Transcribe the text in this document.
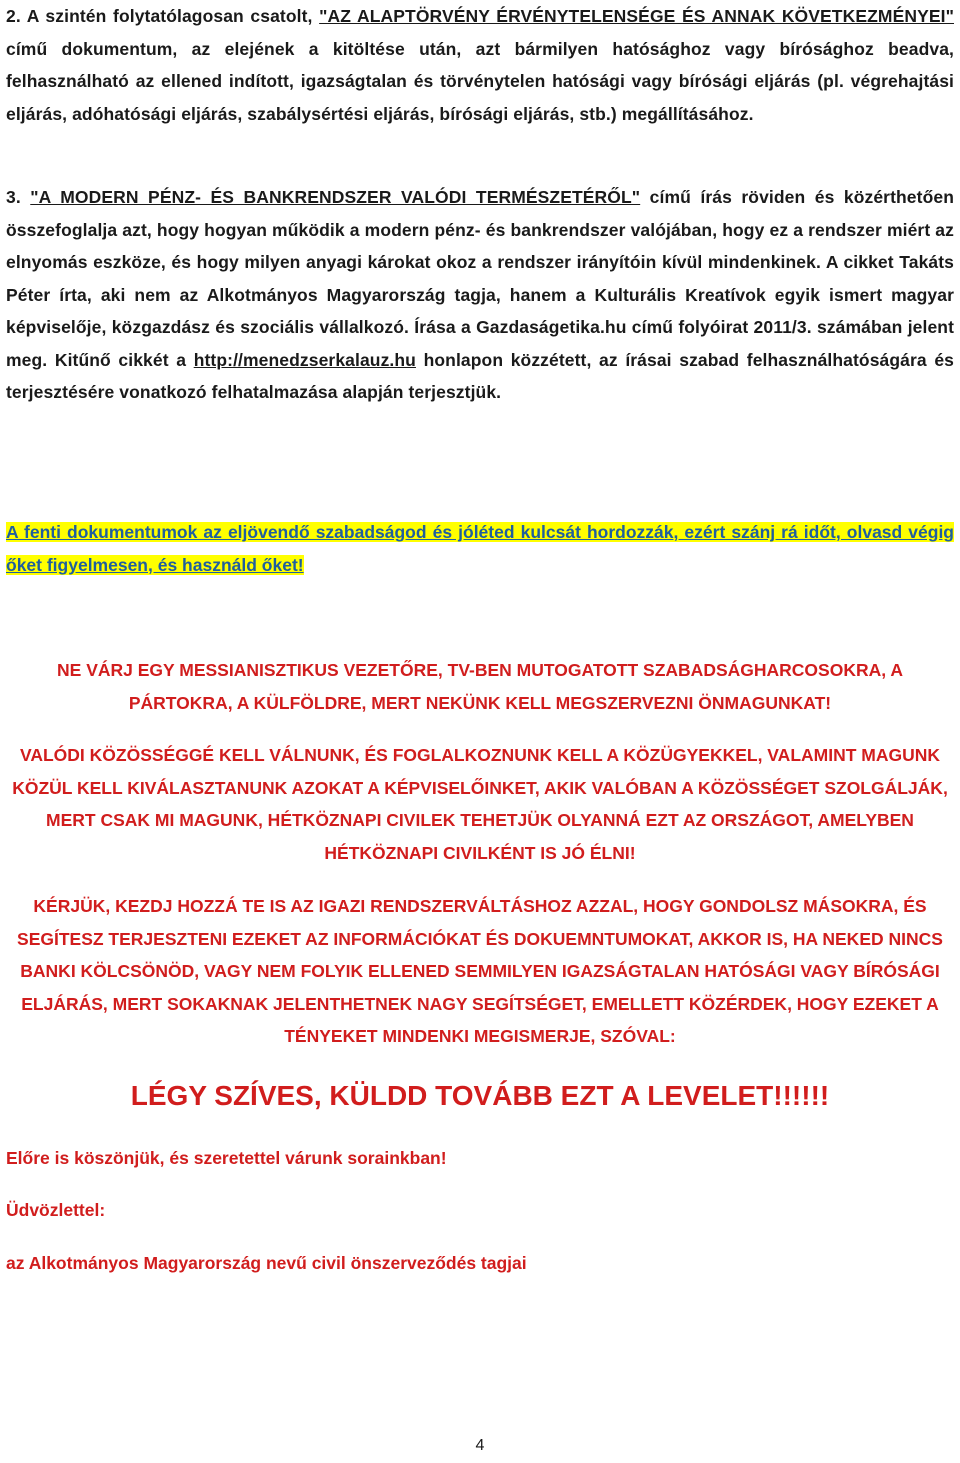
2. A szintén folytatólagosan csatolt, "AZ ALAPTÖRVÉNY ÉRVÉNYTELENSÉGE ÉS ANNAK KÖVETKEZMÉNYEI" című dokumentum, az elejének a kitöltése után, azt bármilyen hatósághoz vagy bírósághoz beadva, felhasználható az ellened indított, igazságtalan és törvénytelen hatósági vagy bírósági eljárás (pl. végrehajtási eljárás, adóhatósági eljárás, szabálysértési eljárás, bírósági eljárás, stb.) megállításához.
3. "A MODERN PÉNZ- ÉS BANKRENDSZER VALÓDI TERMÉSZETÉRŐL" című írás röviden és közérthetően összefoglalja azt, hogy hogyan működik a modern pénz- és bankrendszer valójában, hogy ez a rendszer miért az elnyomás eszköze, és hogy milyen anyagi károkat okoz a rendszer irányítóin kívül mindenkinek. A cikket Takáts Péter írta, aki nem az Alkotmányos Magyarország tagja, hanem a Kulturális Kreatívok egyik ismert magyar képviselője, közgazdász és szociális vállalkozó. Írása a Gazdaságetika.hu című folyóirat 2011/3. számában jelent meg. Kitűnő cikkét a http://menedzserkalauz.hu honlapon közzétett, az írásai szabad felhasználhatóságára és terjesztésére vonatkozó felhatalmazása alapján terjesztjük.
A fenti dokumentumok az eljövendő szabadságod és jóléted kulcsát hordozzák, ezért szánj rá időt, olvasd végig őket figyelmesen, és használd őket!
NE VÁRJ EGY MESSIANISZTIKUS VEZETŐRE, TV-BEN MUTOGATOTT SZABADSÁGHARCOSOKRA, A PÁRTOKRA, A KÜLFÖLDRE, MERT NEKÜNK KELL MEGSZERVEZNI ÖNMAGUNKAT!
VALÓDI KÖZÖSSÉGGÉ KELL VÁLNUNK, ÉS FOGLALKOZNUNK KELL A KÖZÜGYEKKEL, VALAMINT MAGUNK KÖZÜL KELL KIVÁLASZTANUNK AZOKAT A KÉPVISELŐINKET, AKIK VALÓBAN A KÖZÖSSÉGET SZOLGÁLJÁK, MERT CSAK MI MAGUNK, HÉTKÖZNAPI CIVILEK TEHETJÜK OLYANNÁ EZT AZ ORSZÁGOT, AMELYBEN HÉTKÖZNAPI CIVILKÉNT IS JÓ ÉLNI!
KÉRJÜK, KEZDJ HOZZÁ TE IS AZ IGAZI RENDSZERVÁLTÁSHOZ AZZAL, HOGY GONDOLSZ MÁSOKRA, ÉS SEGÍTESZ TERJESZTENI EZEKET AZ INFORMÁCIÓKAT ÉS DOKUEMNTUMOKAT, AKKOR IS, HA NEKED NINCS BANKI KÖLCSÖNÖD, VAGY NEM FOLYIK ELLENED SEMMILYEN IGAZSÁGTALAN HATÓSÁGI VAGY BÍRÓSÁGI ELJÁRÁS, MERT SOKAKNAK JELENTHETNEK NAGY SEGÍTSÉGET, EMELLETT KÖZÉRDEK, HOGY EZEKET A TÉNYEKET MINDENKI MEGISMERJE, SZÓVAL:
LÉGY SZÍVES, KÜLDD TOVÁBB EZT A LEVELET!!!!!!
Előre is köszönjük, és szeretettel várunk sorainkban!
Üdvözlettel:
az Alkotmányos Magyarország nevű civil önszerveződés tagjai
4
